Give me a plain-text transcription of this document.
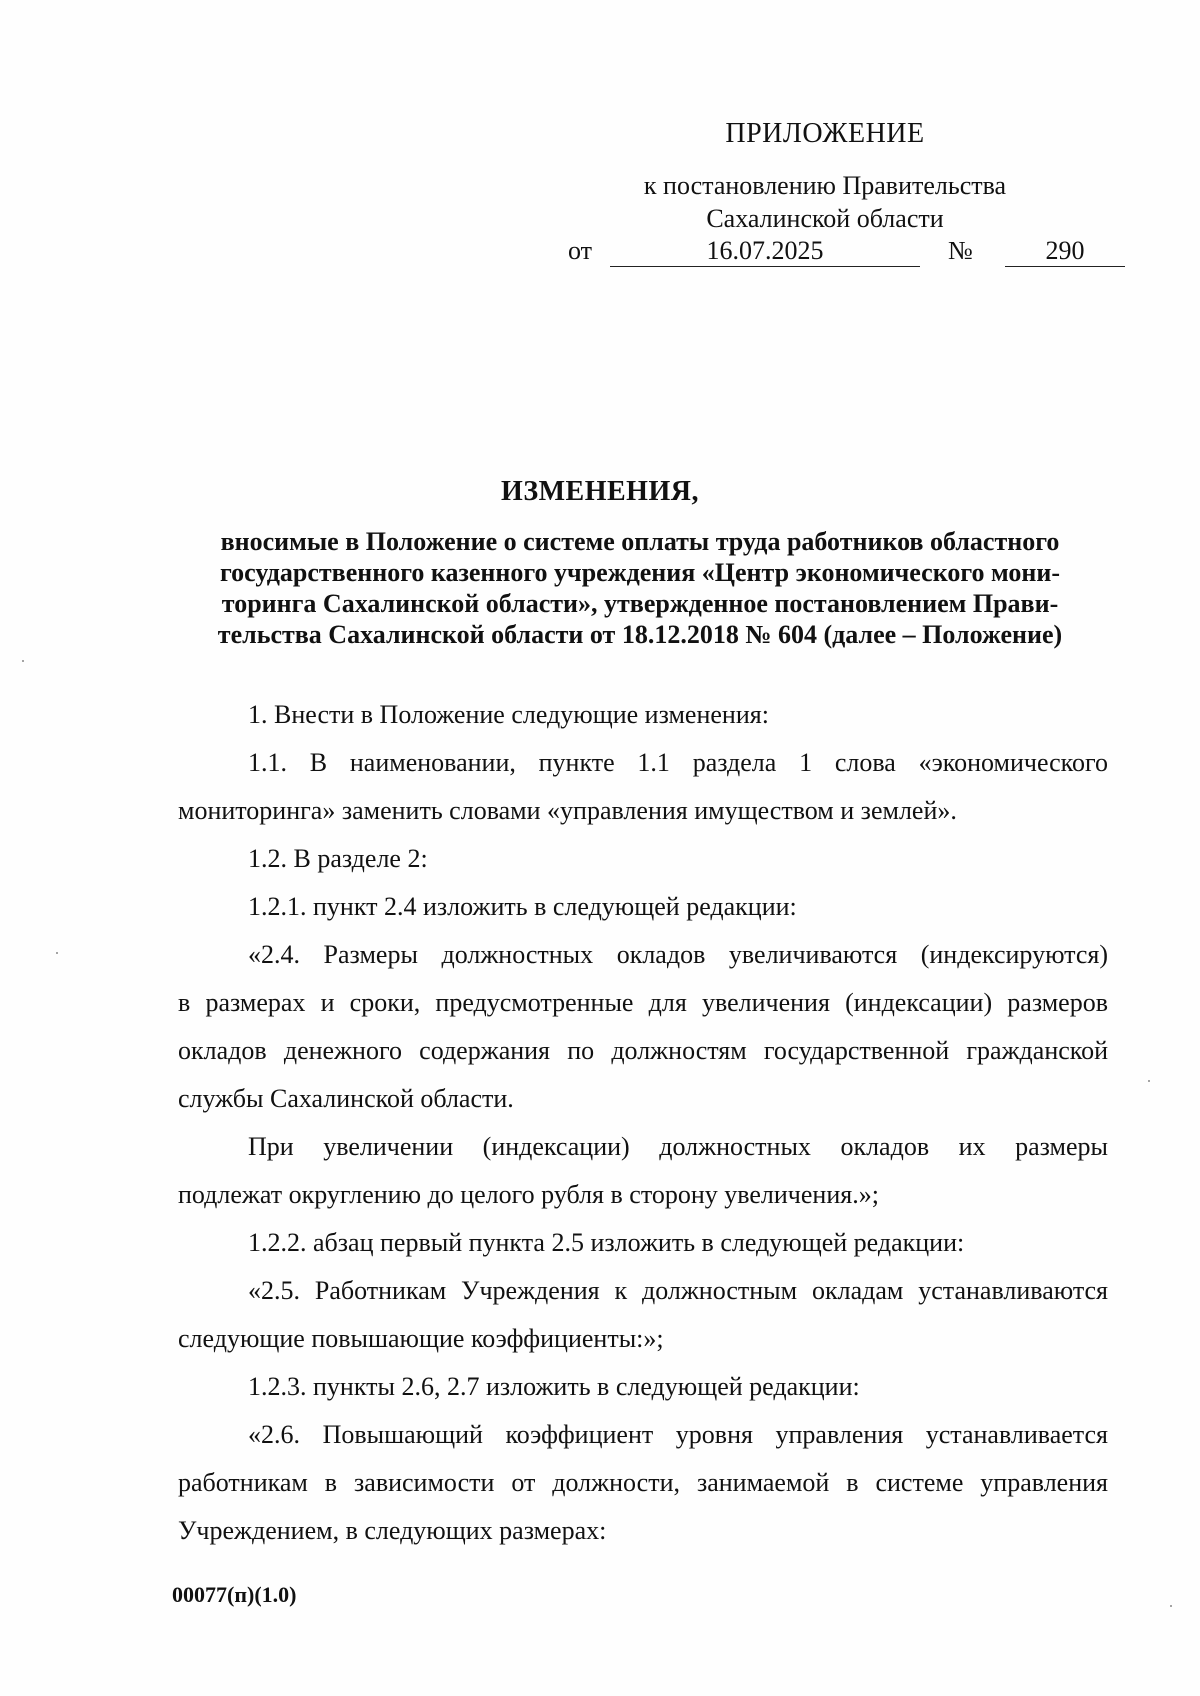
ПРИЛОЖЕНИЕ
к постановлению Правительства
Сахалинской области
от	16.07.2025	№	290
ИЗМЕНЕНИЯ,
вносимые в Положение о системе оплаты труда работников областного
государственного казенного учреждения «Центр экономического мони-
торинга Сахалинской области», утвержденное постановлением Прави-
тельства Сахалинской области от 18.12.2018 № 604 (далее – Положение)
1. Внести в Положение следующие изменения:
1.1. В наименовании, пункте 1.1 раздела 1 слова «экономического
мониторинга» заменить словами «управления имуществом и землей».
1.2. В разделе 2:
1.2.1. пункт 2.4 изложить в следующей редакции:
«2.4. Размеры должностных окладов увеличиваются (индексируются)
в размерах и сроки, предусмотренные для увеличения (индексации) размеров
окладов денежного содержания по должностям государственной гражданской
службы Сахалинской области.
При увеличении (индексации) должностных окладов их размеры
подлежат округлению до целого рубля в сторону увеличения.»;
1.2.2. абзац первый пункта 2.5 изложить в следующей редакции:
«2.5. Работникам Учреждения к должностным окладам устанавливаются
следующие повышающие коэффициенты:»;
1.2.3. пункты 2.6, 2.7 изложить в следующей редакции:
«2.6. Повышающий коэффициент уровня управления устанавливается
работникам в зависимости от должности, занимаемой в системе управления
Учреждением, в следующих размерах:
00077(п)(1.0)
